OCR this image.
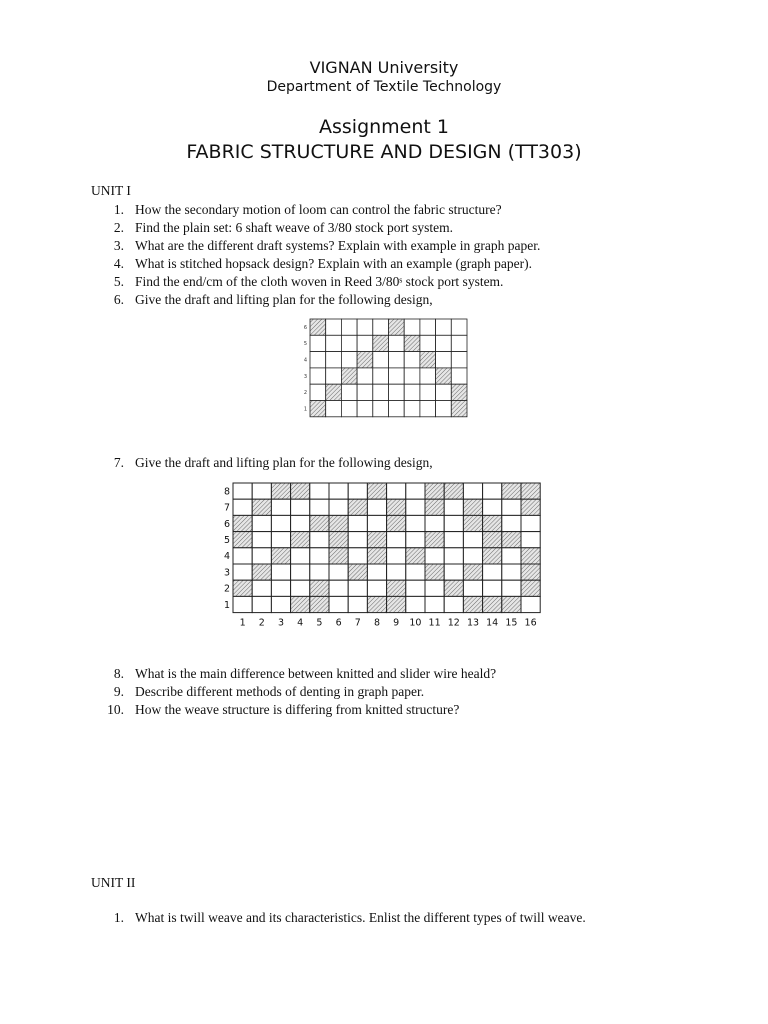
VIGNAN University
Department of Textile Technology
Assignment 1
FABRIC STRUCTURE AND DESIGN (TT303)
UNIT I
1. How the secondary motion of loom can control the fabric structure?
2. Find the plain set: 6 shaft weave of 3/80 stock port system.
3. What are the different draft systems? Explain with example in graph paper.
4. What is stitched hopsack design? Explain with an example (graph paper).
5. Find the end/cm of the cloth woven in Reed 3/80ˢ stock port system.
6. Give the draft and lifting plan for the following design,
6
5
4
3
2
1
7. Give the draft and lifting plan for the following design,
8
7
6
5
4
3
2
1
1 2 3 4 5 6 7 8 9 10 11 12 13 14 15 16
8. What is the main difference between knitted and slider wire heald?
9. Describe different methods of denting in graph paper.
10. How the weave structure is differing from knitted structure?
UNIT II
1. What is twill weave and its characteristics. Enlist the different types of twill weave.
